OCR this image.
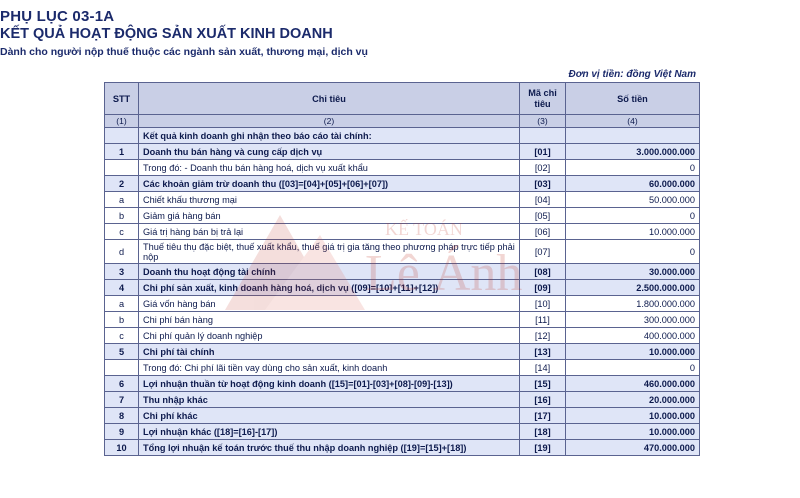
PHỤ LỤC 03-1A
KẾT QUẢ HOẠT ĐỘNG SẢN XUẤT KINH DOANH
Dành cho người nộp thuế thuộc các ngành sản xuất, thương mại, dịch vụ
Đơn vị tiền: đồng Việt Nam
STT	Chỉ tiêu	Mã chỉ tiêu	Số tiền
(1)	(2)	(3)	(4)
	Kết quả kinh doanh ghi nhận theo báo cáo tài chính:		
1	Doanh thu bán hàng và cung cấp dịch vụ	[01]	3.000.000.000
	Trong đó: - Doanh thu bán hàng hoá, dịch vụ xuất khẩu	[02]	0
2	Các khoản giảm trừ doanh thu ([03]=[04]+[05]+[06]+[07])	[03]	60.000.000
a	Chiết khấu thương mại	[04]	50.000.000
b	Giảm giá hàng bán	[05]	0
c	Giá trị hàng bán bị trả lại	[06]	10.000.000
d	Thuế tiêu thụ đặc biệt, thuế xuất khẩu, thuế giá trị gia tăng theo phương pháp trực tiếp phải nộp	[07]	0
3	Doanh thu hoạt động tài chính	[08]	30.000.000
4	Chi phí sản xuất, kinh doanh hàng hoá, dịch vụ ([09]=[10]+[11]+[12])	[09]	2.500.000.000
a	Giá vốn hàng bán	[10]	1.800.000.000
b	Chi phí bán hàng	[11]	300.000.000
c	Chi phí quản lý doanh nghiệp	[12]	400.000.000
5	Chi phí tài chính	[13]	10.000.000
	Trong đó: Chi phí lãi tiền vay dùng cho sản xuất, kinh doanh	[14]	0
6	Lợi nhuận thuần từ hoạt động kinh doanh ([15]=[01]-[03]+[08]-[09]-[13])	[15]	460.000.000
7	Thu nhập khác	[16]	20.000.000
8	Chi phí khác	[17]	10.000.000
9	Lợi nhuận khác ([18]=[16]-[17])	[18]	10.000.000
10	Tổng lợi nhuận kế toán trước thuế thu nhập doanh nghiệp ([19]=[15]+[18])	[19]	470.000.000
KẾ TOÁN
Lê Ánh
